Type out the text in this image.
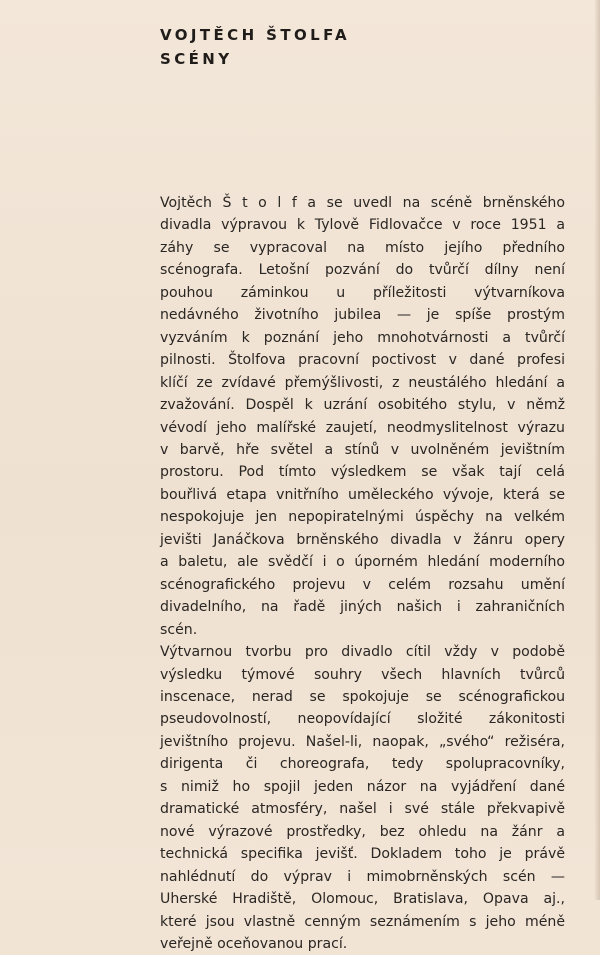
VOJTĚCH ŠTOLFA
SCÉNY
Vojtěch Š t o l f a se uvedl na scéně brněnského
divadla výpravou k Tylově Fidlovačce v roce 1951 a
záhy se vypracoval na místo jejího předního
scénografa. Letošní pozvání do tvůrčí dílny není
pouhou záminkou u příležitosti výtvarníkova
nedávného životního jubilea — je spíše prostým
vyzváním k poznání jeho mnohotvárnosti a tvůrčí
pilnosti. Štolfova pracovní poctivost v dané profesi
klíčí ze zvídavé přemýšlivosti, z neustálého hledání a
zvažování. Dospěl k uzrání osobitého stylu, v němž
vévodí jeho malířské zaujetí, neodmyslitelnost výrazu
v barvě, hře světel a stínů v uvolněném jevištním
prostoru. Pod tímto výsledkem se však tají celá
bouřlivá etapa vnitřního uměleckého vývoje, která se
nespokojuje jen nepopiratelnými úspěchy na velkém
jevišti Janáčkova brněnského divadla v žánru opery
a baletu, ale svědčí i o úporném hledání moderního
scénografického projevu v celém rozsahu umění
divadelního, na řadě jiných našich i zahraničních
scén.
Výtvarnou tvorbu pro divadlo cítil vždy v podobě
výsledku týmové souhry všech hlavních tvůrců
inscenace, nerad se spokojuje se scénografickou
pseudovolností, neopovídající složité zákonitosti
jevištního projevu. Našel-li, naopak, „svého“ režiséra,
dirigenta či choreografa, tedy spolupracovníky,
s nimiž ho spojil jeden názor na vyjádření dané
dramatické atmosféry, našel i své stále překvapivě
nové výrazové prostředky, bez ohledu na žánr a
technická specifika jevišť. Dokladem toho je právě
nahlédnutí do výprav i mimobrněnských scén —
Uherské Hradiště, Olomouc, Bratislava, Opava aj.,
které jsou vlastně cenným seznámením s jeho méně
veřejně oceňovanou prací.
